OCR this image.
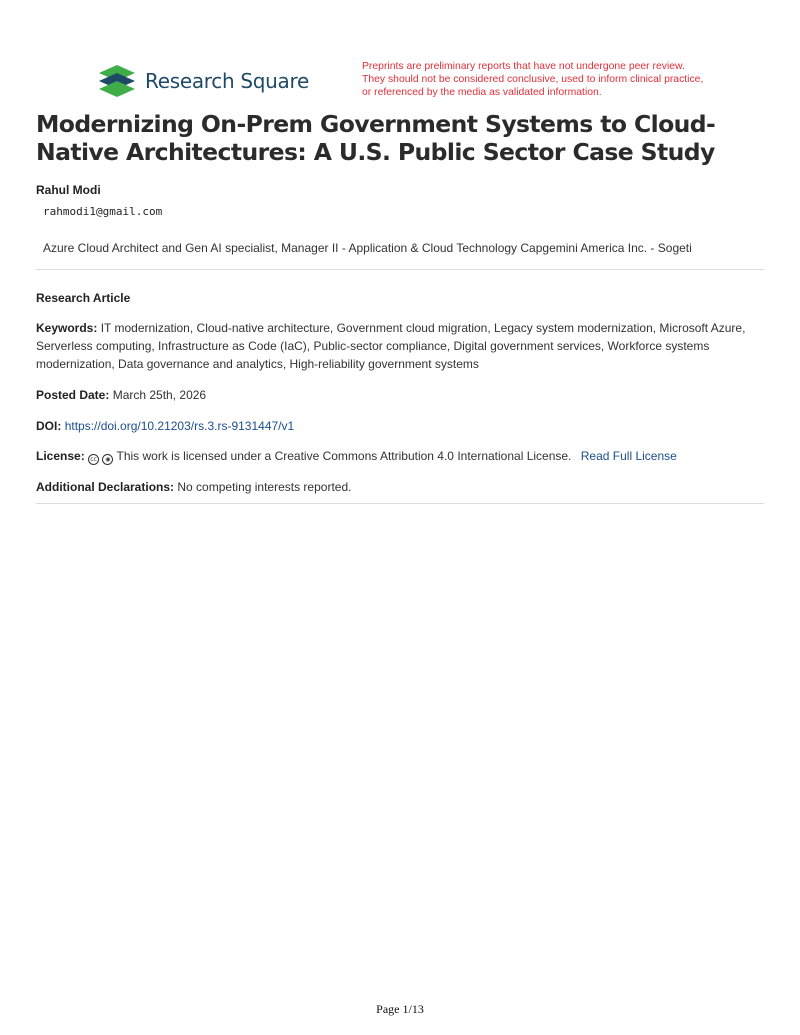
Research Square
Preprints are preliminary reports that have not undergone peer review.
They should not be considered conclusive, used to inform clinical practice,
or referenced by the media as validated information.
Modernizing On-Prem Government Systems to Cloud-Native Architectures: A U.S. Public Sector Case Study
Rahul Modi
rahmodi1@gmail.com
Azure Cloud Architect and Gen AI specialist, Manager II - Application & Cloud Technology Capgemini America Inc. - Sogeti
Research Article
Keywords: IT modernization, Cloud-native architecture, Government cloud migration, Legacy system modernization, Microsoft Azure, Serverless computing, Infrastructure as Code (IaC), Public-sector compliance, Digital government services, Workforce systems modernization, Data governance and analytics, High-reliability government systems
Posted Date: March 25th, 2026
DOI: https://doi.org/10.21203/rs.3.rs-9131447/v1
License: cc ◉ This work is licensed under a Creative Commons Attribution 4.0 International License. Read Full License
Additional Declarations: No competing interests reported.
Page 1/13
